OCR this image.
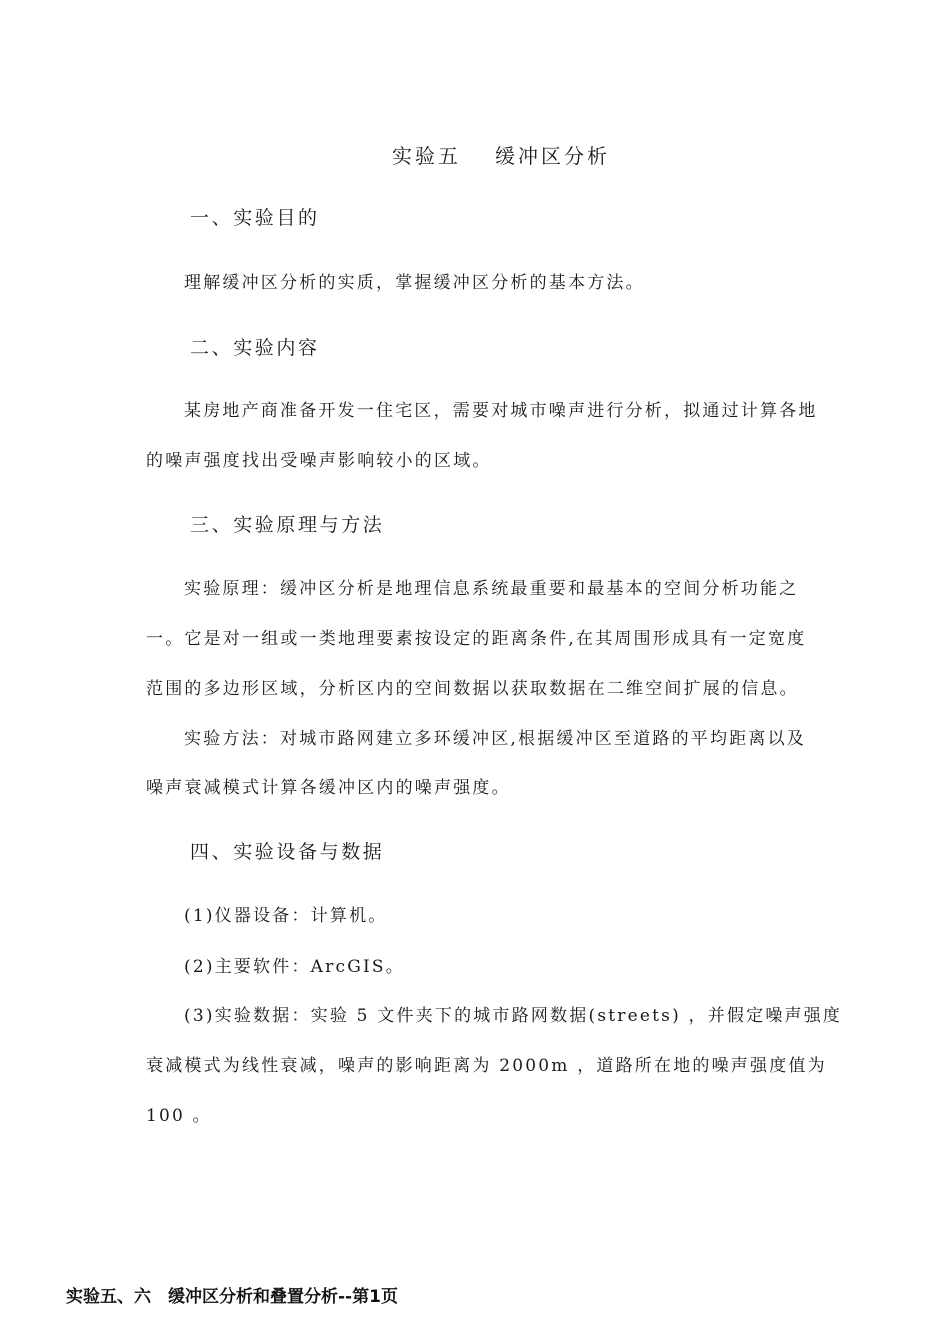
实验五 缓冲区分析
一、实验目的
理解缓冲区分析的实质，掌握缓冲区分析的基本方法。
二、实验内容
某房地产商准备开发一住宅区，需要对城市噪声进行分析，拟通过计算各地
的噪声强度找出受噪声影响较小的区域。
三、实验原理与方法
实验原理：缓冲区分析是地理信息系统最重要和最基本的空间分析功能之
一。它是对一组或一类地理要素按设定的距离条件,在其周围形成具有一定宽度
范围的多边形区域，分析区内的空间数据以获取数据在二维空间扩展的信息。
实验方法：对城市路网建立多环缓冲区,根据缓冲区至道路的平均距离以及
噪声衰减模式计算各缓冲区内的噪声强度。
四、实验设备与数据
(1)仪器设备：计算机。
(2)主要软件：ArcGIS。
(3)实验数据：实验 5 文件夹下的城市路网数据(streets) ，并假定噪声强度
衰减模式为线性衰减，噪声的影响距离为 2000m ，道路所在地的噪声强度值为
100 。
实验五、六　缓冲区分析和叠置分析--第1页
